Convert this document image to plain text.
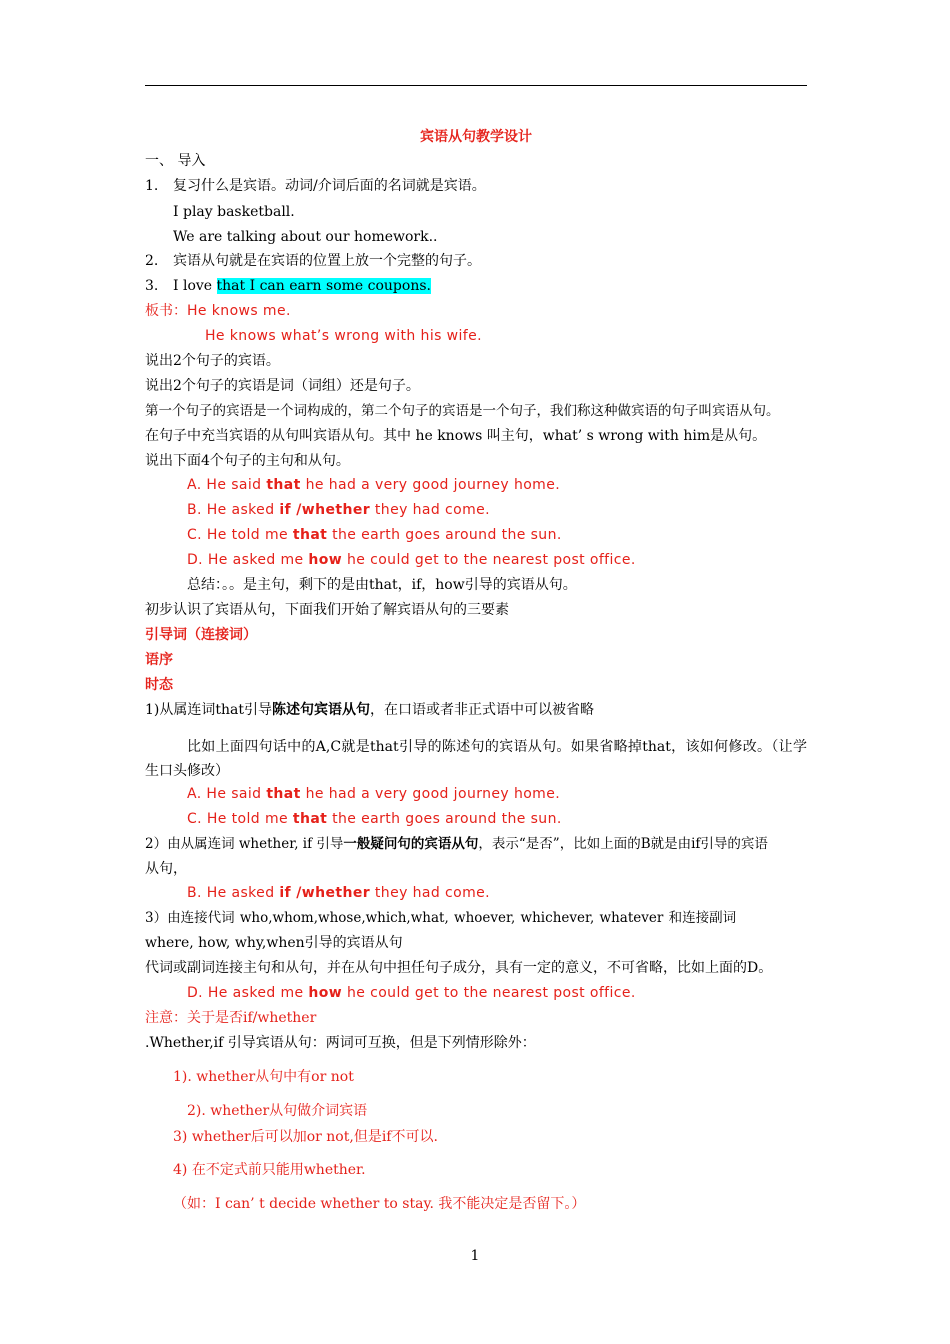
宾语从句教学设计
一、 导入
1. 复习什么是宾语。动词/介词后面的名词就是宾语。
I play basketball.
We are talking about our homework..
2. 宾语从句就是在宾语的位置上放一个完整的句子。
3. I love that I can earn some coupons.
板书：He knows me.
He knows what’s wrong with his wife.
说出2个句子的宾语。
说出2个句子的宾语是词（词组）还是句子。
第一个句子的宾语是一个词构成的，第二个句子的宾语是一个句子，我们称这种做宾语的句子叫宾语从句。
在句子中充当宾语的从句叫宾语从句。其中 he knows 叫主句，what’ s wrong with him是从句。
说出下面4个句子的主句和从句。
A. He said that he had a very good journey home.
B. He asked if /whether they had come.
C. He told me that the earth goes around the sun.
D. He asked me how he could get to the nearest post office.
总结：。。是主句，剩下的是由that，if，how引导的宾语从句。
初步认识了宾语从句，下面我们开始了解宾语从句的三要素
引导词（连接词）
语序
时态
1)从属连词that引导陈述句宾语从句，在口语或者非正式语中可以被省略
比如上面四句话中的A,C就是that引导的陈述句的宾语从句。如果省略掉that，该如何修改。（让学生口头修改）
A. He said that he had a very good journey home.
C. He told me that the earth goes around the sun.
2）由从属连词 whether, if 引导一般疑问句的宾语从句，表示“是否”，比如上面的B就是由if引导的宾语
从句，
B. He asked if /whether they had come.
3）由连接代词 who,whom,whose,which,what, whoever, whichever, whatever 和连接副词
where, how, why,when引导的宾语从句
代词或副词连接主句和从句，并在从句中担任句子成分，具有一定的意义，不可省略，比如上面的D。
D. He asked me how he could get to the nearest post office.
注意：关于是否if/whether
.Whether,if 引导宾语从句：两词可互换，但是下列情形除外：
1). whether从句中有or not
2). whether从句做介词宾语
3) whether后可以加or not,但是if不可以.
4) 在不定式前只能用whether.
（如：I can’ t decide whether to stay. 我不能决定是否留下。）
1
